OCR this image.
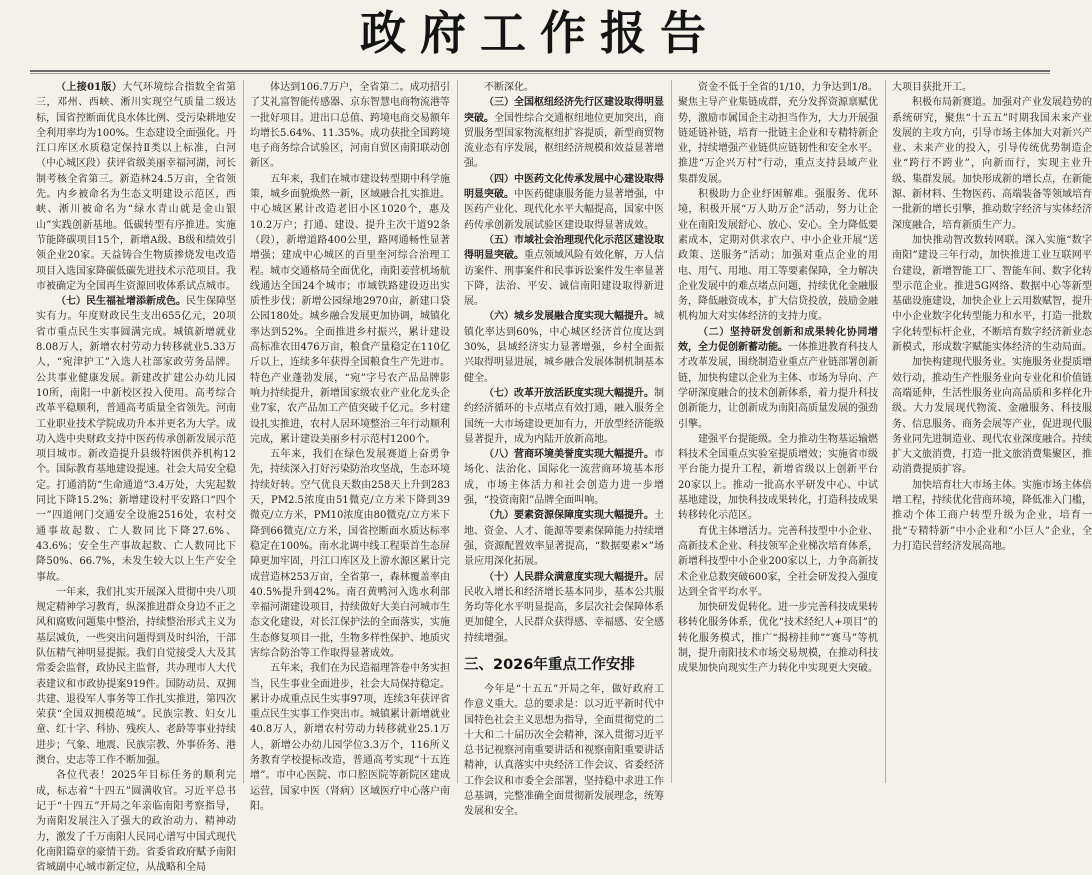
政府工作报告

（上接01版）大气环境综合指数全省第三，邓州、西峡、淅川实现空气质量二级达标，国省控断面优良水体比例、受污染耕地安全利用率均为100%。生态建设全面强化。丹江口库区水质稳定保持Ⅱ类以上标准，白河（中心城区段）获评省级美丽幸福河湖，河长制考核全省第三。新造林24.5万亩，全省领先。内乡被命名为生态文明建设示范区，西峡、淅川被命名为“绿水青山就是金山银山”实践创新基地。低碳转型有序推进。实施节能降碳项目15个，新增A级、B级和绩效引领企业20家。天益铸合生物质掺烧发电改造项目入选国家降碳低碳先进技术示范项目。我市被确定为全国再生资源回收体系试点城市。

（七）民生福祉增添新成色。民生保障坚实有力。年度财政民生支出655亿元，20项省市重点民生实事圆满完成。城镇新增就业8.08万人，新增农村劳动力转移就业5.33万人，“宛津护工”入选人社部家政劳务品牌。公共事业健康发展。新建改扩建公办幼儿园10所，南阳一中新校区投入使用。高考综合改革平稳顺利，普通高考质量全省领先。河南工业职业技术学院成功升本并更名为大学。成功入选中央财政支持中医药传承创新发展示范项目城市。新改造提升县级特困供养机构12个。国际教育基地建设提速。社会大局安全稳定。打通消防“生命通道”3.4万处，大宪起数同比下降15.2%；新增建设村平安路口“四个一”四道闸门交通安全设施2516处，农村交通事故起数、亡人数同比下降27.6%、43.6%；安全生产事故起数、亡人数同比下降50%、66.7%，未发生较大以上生产安全事故。

一年来，我们扎实开展深入贯彻中央八项规定精神学习教育，纵深推进群众身边不正之风和腐败问题集中整治，持续整治形式主义为基层减负，一些突出问题得到及时纠治，干部队伍精气神明显提振。我们自觉接受人大及其常委会监督，政协民主监督，共办理市人大代表建议和市政协提案919件。国防动员、双拥共建、退役军人事务等工作扎实推进，第四次荣获“全国双拥模范城”。民族宗教、妇女儿童、红十字、科协、残疾人、老龄等事业持续进步；气象、地震、民族宗教、外事侨务、港澳台、史志等工作不断加强。

各位代表！2025年目标任务的顺利完成，标志着“十四五”圆满收官。习近平总书记于“十四五”开局之年亲临南阳考察指导，为南阳发展注入了强大的政治动力、精神动力，激发了千万南阳人民同心谱写中国式现代化南阳篇章的豪情干劲。省委省政府赋予南阳省城副中心城市新定位，从战略和全局

体达到106.7万户，全省第二。成功招引了艾礼富智能传感器、京东智慧电商物流港等一批好项目。进出口总值、跨境电商交易额年均增长5.64%、11.35%。成功获批全国跨境电子商务综合试验区，河南自贸区南阳联动创新区。

五年来，我们在城市建设转型期中科学施策，城乡面貌焕然一新，区域融合扎实推进。中心城区累计改造老旧小区1020个，惠及10.2万户；打通、建设、提升主次干道92条（段），新增道路400公里，路网通畅性显著增强；建成中心城区的百里奎河综合治理工程。城市交通格局全面优化，南阳姜营机场航线通达全国24个城市；市域铁路建设迈出实质性步伐；新增公园绿地2970亩，新建口袋公园180处。城乡融合发展更加协调，城镇化率达到52%。全面推进乡村振兴，累计建设高标准农田476万亩，粮食产量稳定在110亿斤以上，连续多年获得全国粮食生产先进市。特色产业蓬勃发展，“宛”字号农产品品牌影响力持续提升，新增国家级农业产业化龙头企业7家，农产品加工产值突破千亿元。乡村建设扎实推进，农村人居环境整治三年行动顺利完成，累计建设美丽乡村示范村1200个。

五年来，我们在绿色发展赛道上奋勇争先，持续深入打好污染防治攻坚战，生态环境持续好转。空气优良天数由258天上升到283天，PM2.5浓度由51微克/立方米下降到39微克/立方米，PM10浓度由80微克/立方米下降到66微克/立方米，国省控断面水质达标率稳定在100%。南水北调中线工程渠首生态屏障更加牢固，丹江口库区及上游水源区累计完成营造林253万亩，全省第一，森林覆盖率由40.5%提升到42%。南召黄鸭河入选水利部幸福河湖建设项目，持续做好大美白河城市生态文化建设，对长江保护法的全面落实，实施生态修复项目一批，生物多样性保护、地质灾害综合防治等工作取得显著成效。

五年来，我们在为民造福理答卷中务实担当，民生事业全面进步，社会大局保持稳定。累计办成重点民生实事97项，连续3年获评省重点民生实事工作突出市。城镇累计新增就业40.8万人，新增农村劳动力转移就业25.1万人，新增公办幼儿园学位3.3万个，116所义务教育学校提标改造，普通高考实现“十五连增”。市中心医院、市口腔医院等新院区建成运营，国家中医（肾病）区域医疗中心落户南阳。

不断深化。

（三）全国枢纽经济先行区建设取得明显突破。全国性综合交通枢纽地位更加突出，商贸服务型国家物流枢纽扩容提质，新型商贸物流业态有序发展，枢纽经济规模和效益显著增强。

（四）中医药文化传承发展中心建设取得明显突破。中医药健康服务能力显著增强，中医药产业化、现代化水平大幅提高，国家中医药传承创新发展试验区建设取得显著成效。

（五）市域社会治理现代化示范区建设取得明显突破。重点领域风险有效化解，万人信访案件、刑事案件和民事诉讼案件发生率显著下降，法治、平安、诚信南阳建设取得新进展。

（六）城乡发展融合度实现大幅提升。城镇化率达到60%，中心城区经济首位度达到30%，县域经济实力显著增强，乡村全面振兴取得明显进展，城乡融合发展体制机制基本健全。

（七）改革开放活跃度实现大幅提升。制约经济循环的卡点堵点有效打通，融入服务全国统一大市场建设更加有力，开放型经济能级显著提升，成为内陆开放新高地。

（八）营商环境美誉度实现大幅提升。市场化、法治化、国际化一流营商环境基本形成，市场主体活力和社会创造力进一步增强，“投资南阳”品牌全面叫响。

（九）要素资源保障度实现大幅提升。土地、资金、人才、能源等要素保障能力持续增强，资源配置效率显著提高，“数据要素×”场景应用深化拓展。

（十）人民群众满意度实现大幅提升。居民收入增长和经济增长基本同步，基本公共服务均等化水平明显提高，多层次社会保障体系更加健全，人民群众获得感、幸福感、安全感持续增强。

三、2026年重点工作安排

今年是“十五五”开局之年，做好政府工作意义重大。总的要求是：以习近平新时代中国特色社会主义思想为指导，全面贯彻党的二十大和二十届历次全会精神，深入贯彻习近平总书记视察河南重要讲话和视察南阳重要讲话精神，认真落实中央经济工作会议、省委经济工作会议和市委全会部署，坚持稳中求进工作总基调，完整准确全面贯彻新发展理念，统筹发展和安全。

资金不低于全省的1/10，力争达到1/8。聚焦主导产业集链成群，充分发挥资源禀赋优势，激励市属国企主动担当作为，大力开展强链延链补链，培育一批链主企业和专精特新企业，持续增强产业链供应链韧性和安全水平。推进“万企兴万村”行动，重点支持县域产业集群发展。

积极助力企业纾困解难。强服务、优环境，积极开展“万人助万企”活动，努力让企业在南阳发展舒心、放心、安心。全力降低要素成本，定期对供求农户、中小企业开展“送政策、送服务”活动；加强对重点企业的用电、用气、用地、用工等要素保障，全力解决企业发展中的难点堵点问题，持续优化金融服务，降低融资成本，扩大信贷投放，鼓励金融机构加大对实体经济的支持力度。

（二）坚持研发创新和成果转化协同增效，全力促创新蓄动能。一体推进教育科技人才改革发展，围绕制造业重点产业链部署创新链，加快构建以企业为主体、市场为导向、产学研深度融合的技术创新体系，着力提升科技创新能力，让创新成为南阳高质量发展的强劲引擎。

建强平台提能级。全力推动生物基运输燃料技术全国重点实验室提质增效；实施省市级平台能力提升工程，新增省级以上创新平台20家以上。推动一批高水平研发中心、中试基地建设，加快科技成果转化，打造科技成果转移转化示范区。

育优主体增活力。完善科技型中小企业、高新技术企业、科技领军企业梯次培育体系，新增科技型中小企业200家以上，力争高新技术企业总数突破600家，全社会研发投入强度达到全省平均水平。

加快研发促转化。进一步完善科技成果转移转化服务体系，优化“技术经纪人+项目”的转化服务模式，推广“揭榜挂帅”“赛马”等机制，提升南阳技术市场交易规模，在推动科技成果加快向现实生产力转化中实现更大突破。

大项目获批开工。

积极布局新赛道。加强对产业发展趋势的系统研究，聚焦“十五五”时期我国未来产业发展的主攻方向，引导市场主体加大对新兴产业、未来产业的投入，引导传统优势制造企业“跨行不跨业”，向新而行，实现主业升级、集群发展。加快形成新的增长点，在新能源、新材料、生物医药、高端装备等领域培育一批新的增长引擎，推动数字经济与实体经济深度融合，培育新质生产力。

加快推动智改数转网联。深入实施“数字南阳”建设三年行动，加快推进工业互联网平台建设，新增智能工厂、智能车间、数字化转型示范企业。推进5G网络、数据中心等新型基础设施建设，加快企业上云用数赋智，提升中小企业数字化转型能力和水平，打造一批数字化转型标杆企业，不断培育数字经济新业态新模式，形成数字赋能实体经济的生动局面。

加快构建现代服务业。实施服务业提质增效行动，推动生产性服务业向专业化和价值链高端延伸，生活性服务业向高品质和多样化升级。大力发展现代物流、金融服务、科技服务、信息服务、商务会展等产业，促进现代服务业同先进制造业、现代农业深度融合。持续扩大文旅消费，打造一批文旅消费集聚区，推动消费提质扩容。

加快培育壮大市场主体。实施市场主体倍增工程，持续优化营商环境，降低准入门槛，推动个体工商户转型升级为企业，培育一批“专精特新”中小企业和“小巨人”企业，全力打造民营经济发展高地。
